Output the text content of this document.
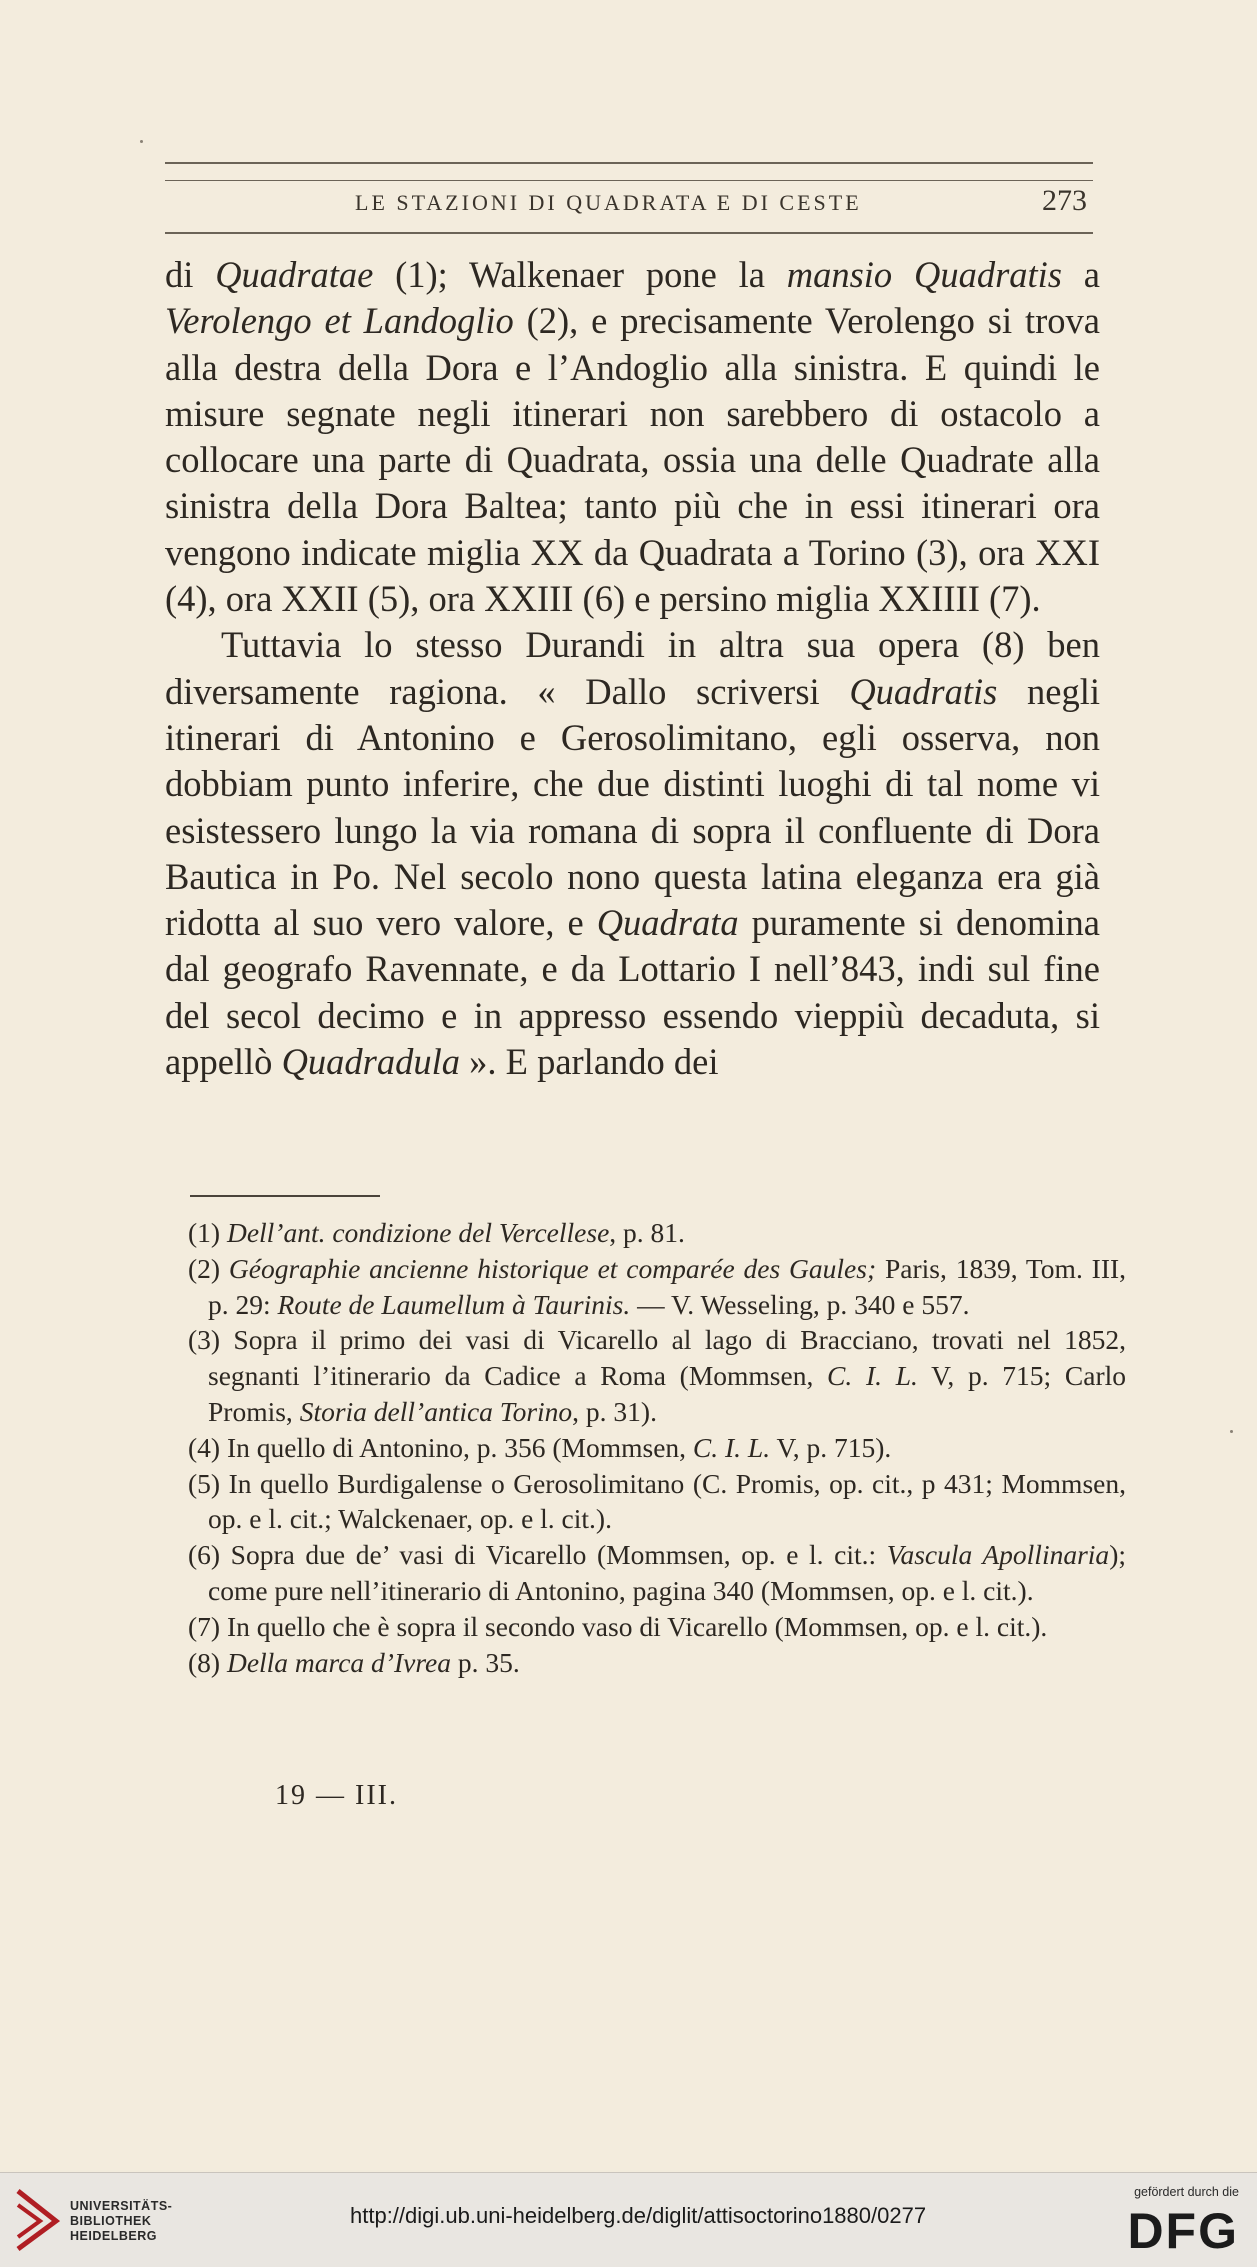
LE STAZIONI DI QUADRATA E DI CESTE	273

di Quadratae (1); Walkenaer pone la mansio Quadratis a Verolengo et Landoglio (2), e precisamente Verolengo si trova alla destra della Dora e l’Andoglio alla sinistra. E quindi le misure segnate negli itinerari non sarebbero di ostacolo a collocare una parte di Quadrata, ossia una delle Quadrate alla sinistra della Dora Baltea; tanto più che in essi itinerari ora vengono indicate miglia XX da Quadrata a Torino (3), ora XXI (4), ora XXII (5), ora XXIII (6) e persino miglia XXIIII (7).

Tuttavia lo stesso Durandi in altra sua opera (8) ben diversamente ragiona. « Dallo scriversi Quadratis negli itinerari di Antonino e Gerosolimitano, egli osserva, non dobbiam punto inferire, che due distinti luoghi di tal nome vi esistessero lungo la via romana di sopra il confluente di Dora Bautica in Po. Nel secolo nono questa latina eleganza era già ridotta al suo vero valore, e Quadrata puramente si denomina dal geografo Ravennate, e da Lottario I nell’843, indi sul fine del secol decimo e in appresso essendo vieppiù decaduta, si appellò Quadradula ». E parlando dei

(1) Dell’ant. condizione del Vercellese, p. 81.

(2) Géographie ancienne historique et comparée des Gaules; Paris, 1839, Tom. III, p. 29: Route de Laumellum à Taurinis. — V. Wesseling, p. 340 e 557.

(3) Sopra il primo dei vasi di Vicarello al lago di Bracciano, trovati nel 1852, segnanti l’itinerario da Cadice a Roma (Mommsen, C. I. L. V, p. 715; Carlo Promis, Storia dell’antica Torino, p. 31).

(4) In quello di Antonino, p. 356 (Mommsen, C. I. L. V, p. 715).

(5) In quello Burdigalense o Gerosolimitano (C. Promis, op. cit., p 431; Mommsen, op. e l. cit.; Walckenaer, op. e l. cit.).

(6) Sopra due de’ vasi di Vicarello (Mommsen, op. e l. cit.: Vascula Apollinaria); come pure nell’itinerario di Antonino, pagina 340 (Mommsen, op. e l. cit.).

(7) In quello che è sopra il secondo vaso di Vicarello (Mommsen, op. e l. cit.).

(8) Della marca d’Ivrea p. 35.

19 — III.
UNIVERSITÄTS-
BIBLIOTHEK
HEIDELBERG
http://digi.ub.uni-heidelberg.de/diglit/attisoctorino1880/0277
gefördert durch die
DFG
